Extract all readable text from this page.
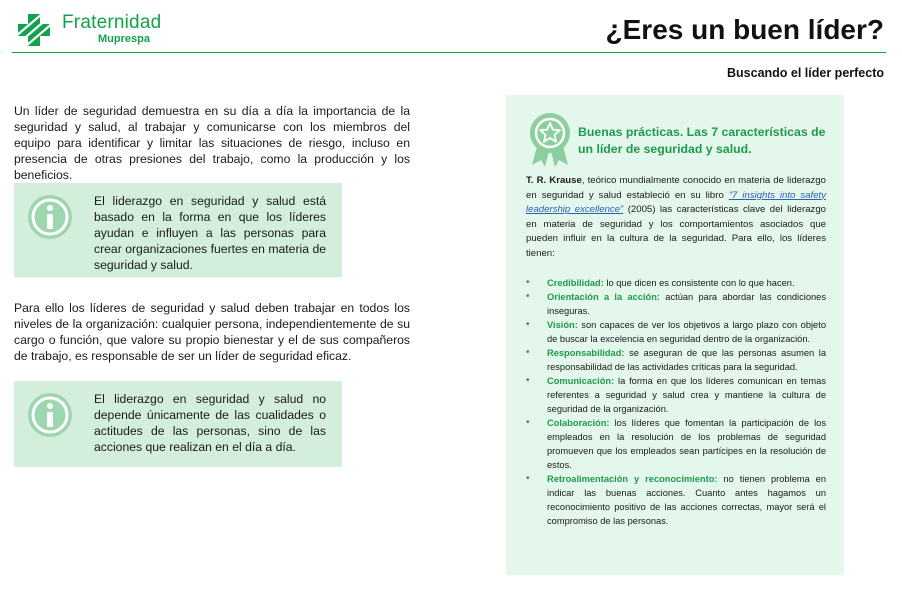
Fraternidad
Muprespa	¿Eres un buen líder?
Buscando el líder perfecto
Un líder de seguridad demuestra en su día a día la importancia de la seguridad y salud, al trabajar y comunicarse con los miembros del equipo para identificar y limitar las situaciones de riesgo, incluso en presencia de otras presiones del trabajo, como la producción y los beneficios.
El liderazgo en seguridad y salud está basado en la forma en que los líderes ayudan e influyen a las personas para crear organizaciones fuertes en materia de seguridad y salud.
Para ello los líderes de seguridad y salud deben trabajar en todos los niveles de la organización: cualquier persona, independientemente de su cargo o función, que valore su propio bienestar y el de sus compañeros de trabajo, es responsable de ser un líder de seguridad eficaz.
El liderazgo en seguridad y salud no depende únicamente de las cualidades o actitudes de las personas, sino de las acciones que realizan en el día a día.
Buenas prácticas. Las 7 características de un líder de seguridad y salud.
T. R. Krause, teórico mundialmente conocido en materia de liderazgo en seguridad y salud estableció en su libro “7 insights into safety leadership excellence” (2005) las características clave del liderazgo en materia de seguridad y los comportamientos asociados que pueden influir en la cultura de la seguridad. Para ello, los líderes tienen:
• Credibilidad: lo que dicen es consistente con lo que hacen.
• Orientación a la acción: actúan para abordar las condiciones inseguras.
• Visión: son capaces de ver los objetivos a largo plazo con objeto de buscar la excelencia en seguridad dentro de la organización.
• Responsabilidad: se aseguran de que las personas asumen la responsabilidad de las actividades críticas para la seguridad.
• Comunicación: la forma en que los líderes comunican en temas referentes a seguridad y salud crea y mantiene la cultura de seguridad de la organización.
• Colaboración: los líderes que fomentan la participación de los empleados en la resolución de los problemas de seguridad promueven que los empleados sean partícipes en la resolución de estos.
• Retroalimentación y reconocimiento: no tienen problema en indicar las buenas acciones. Cuanto antes hagamos un reconocimiento positivo de las acciones correctas, mayor será el compromiso de las personas.
